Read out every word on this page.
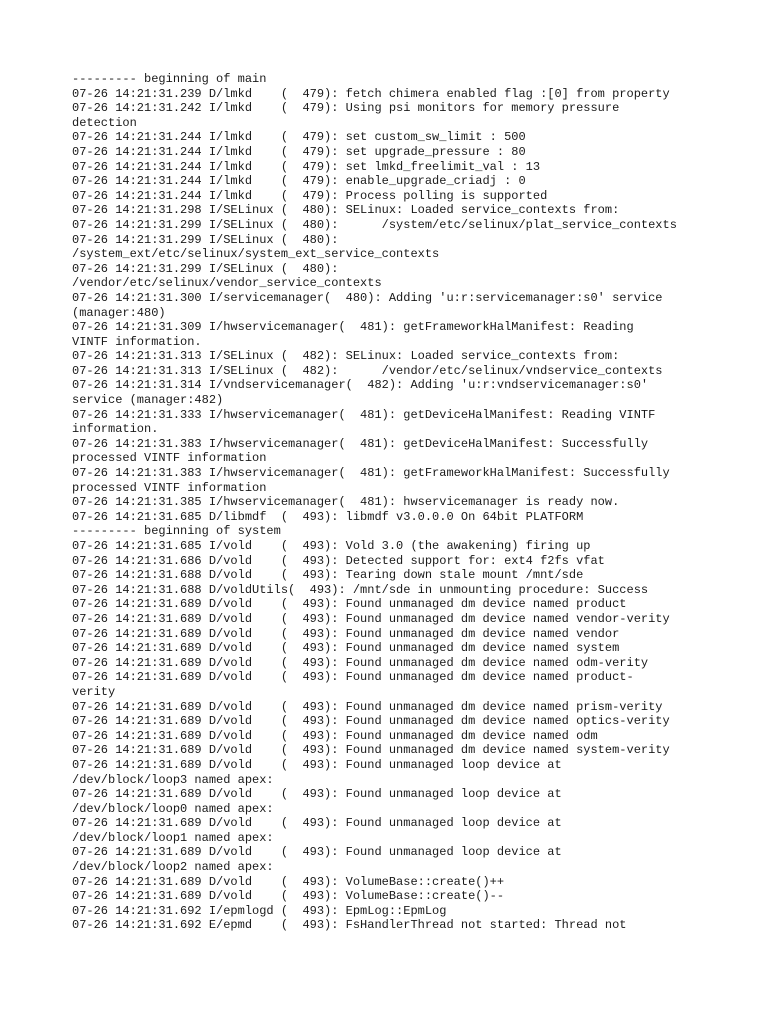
--------- beginning of main
07-26 14:21:31.239 D/lmkd    (  479): fetch chimera enabled flag :[0] from property
07-26 14:21:31.242 I/lmkd    (  479): Using psi monitors for memory pressure
detection
07-26 14:21:31.244 I/lmkd    (  479): set custom_sw_limit : 500
07-26 14:21:31.244 I/lmkd    (  479): set upgrade_pressure : 80
07-26 14:21:31.244 I/lmkd    (  479): set lmkd_freelimit_val : 13
07-26 14:21:31.244 I/lmkd    (  479): enable_upgrade_criadj : 0
07-26 14:21:31.244 I/lmkd    (  479): Process polling is supported
07-26 14:21:31.298 I/SELinux (  480): SELinux: Loaded service_contexts from:
07-26 14:21:31.299 I/SELinux (  480):      /system/etc/selinux/plat_service_contexts
07-26 14:21:31.299 I/SELinux (  480):
/system_ext/etc/selinux/system_ext_service_contexts
07-26 14:21:31.299 I/SELinux (  480):
/vendor/etc/selinux/vendor_service_contexts
07-26 14:21:31.300 I/servicemanager(  480): Adding 'u:r:servicemanager:s0' service
(manager:480)
07-26 14:21:31.309 I/hwservicemanager(  481): getFrameworkHalManifest: Reading
VINTF information.
07-26 14:21:31.313 I/SELinux (  482): SELinux: Loaded service_contexts from:
07-26 14:21:31.313 I/SELinux (  482):      /vendor/etc/selinux/vndservice_contexts
07-26 14:21:31.314 I/vndservicemanager(  482): Adding 'u:r:vndservicemanager:s0'
service (manager:482)
07-26 14:21:31.333 I/hwservicemanager(  481): getDeviceHalManifest: Reading VINTF
information.
07-26 14:21:31.383 I/hwservicemanager(  481): getDeviceHalManifest: Successfully
processed VINTF information
07-26 14:21:31.383 I/hwservicemanager(  481): getFrameworkHalManifest: Successfully
processed VINTF information
07-26 14:21:31.385 I/hwservicemanager(  481): hwservicemanager is ready now.
07-26 14:21:31.685 D/libmdf  (  493): libmdf v3.0.0.0 On 64bit PLATFORM
--------- beginning of system
07-26 14:21:31.685 I/vold    (  493): Vold 3.0 (the awakening) firing up
07-26 14:21:31.686 D/vold    (  493): Detected support for: ext4 f2fs vfat
07-26 14:21:31.688 D/vold    (  493): Tearing down stale mount /mnt/sde
07-26 14:21:31.688 D/voldUtils(  493): /mnt/sde in unmounting procedure: Success
07-26 14:21:31.689 D/vold    (  493): Found unmanaged dm device named product
07-26 14:21:31.689 D/vold    (  493): Found unmanaged dm device named vendor-verity
07-26 14:21:31.689 D/vold    (  493): Found unmanaged dm device named vendor
07-26 14:21:31.689 D/vold    (  493): Found unmanaged dm device named system
07-26 14:21:31.689 D/vold    (  493): Found unmanaged dm device named odm-verity
07-26 14:21:31.689 D/vold    (  493): Found unmanaged dm device named product-
verity
07-26 14:21:31.689 D/vold    (  493): Found unmanaged dm device named prism-verity
07-26 14:21:31.689 D/vold    (  493): Found unmanaged dm device named optics-verity
07-26 14:21:31.689 D/vold    (  493): Found unmanaged dm device named odm
07-26 14:21:31.689 D/vold    (  493): Found unmanaged dm device named system-verity
07-26 14:21:31.689 D/vold    (  493): Found unmanaged loop device at
/dev/block/loop3 named apex:
07-26 14:21:31.689 D/vold    (  493): Found unmanaged loop device at
/dev/block/loop0 named apex:
07-26 14:21:31.689 D/vold    (  493): Found unmanaged loop device at
/dev/block/loop1 named apex:
07-26 14:21:31.689 D/vold    (  493): Found unmanaged loop device at
/dev/block/loop2 named apex:
07-26 14:21:31.689 D/vold    (  493): VolumeBase::create()++
07-26 14:21:31.689 D/vold    (  493): VolumeBase::create()--
07-26 14:21:31.692 I/epmlogd (  493): EpmLog::EpmLog
07-26 14:21:31.692 E/epmd    (  493): FsHandlerThread not started: Thread not
